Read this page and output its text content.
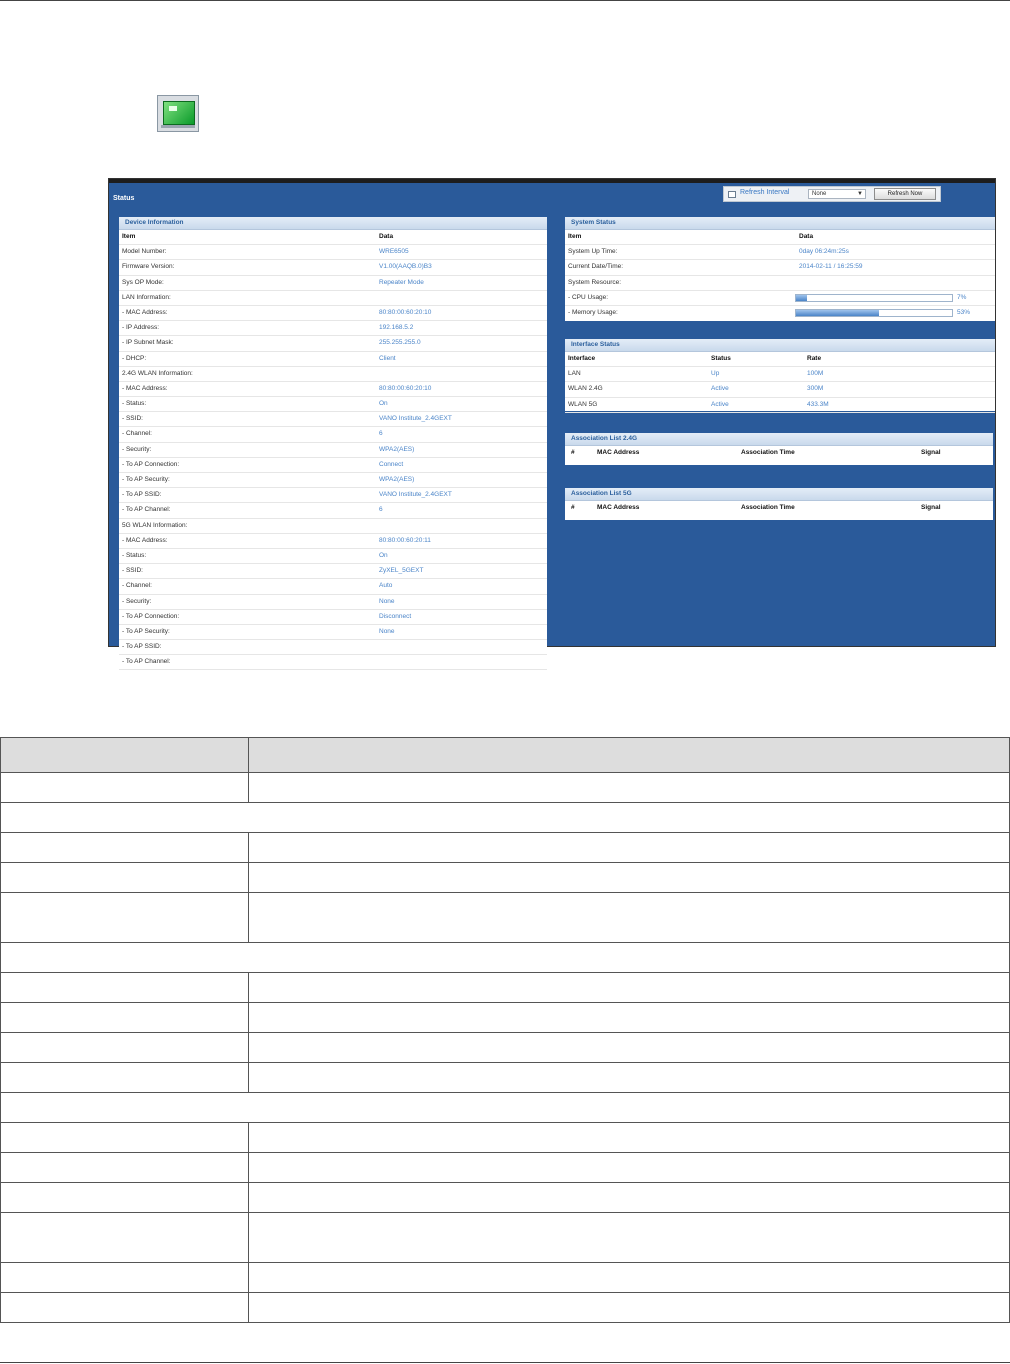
Status
Refresh Interval	None	▼	Refresh Now
Device Information
Item	Data
Model Number:	WRE6505
Firmware Version:	V1.00(AAQB.0)B3
Sys OP Mode:	Repeater Mode
LAN Information:
- MAC Address:	80:80:00:60:20:10
- IP Address:	192.168.5.2
- IP Subnet Mask:	255.255.255.0
- DHCP:	Client
2.4G WLAN Information:
- MAC Address:	80:80:00:60:20:10
- Status:	On
- SSID:	VANO Institute_2.4GEXT
- Channel:	6
- Security:	WPA2(AES)
- To AP Connection:	Connect
- To AP Security:	WPA2(AES)
- To AP SSID:	VANO Institute_2.4GEXT
- To AP Channel:	6
5G WLAN Information:
- MAC Address:	80:80:00:60:20:11
- Status:	On
- SSID:	ZyXEL_5GEXT
- Channel:	Auto
- Security:	None
- To AP Connection:	Disconnect
- To AP Security:	None
- To AP SSID:
- To AP Channel:
System Status
Item	Data
System Up Time:	0day 06:24m:25s
Current Date/Time:	2014-02-11 / 16:25:59
System Resource:
- CPU Usage:	7%
- Memory Usage:	53%
Interface Status
Interface	Status	Rate
LAN	Up	100M
WLAN 2.4G	Active	300M
WLAN 5G	Active	433.3M
Association List 2.4G
#	MAC Address	Association Time	Signal
Association List 5G
#	MAC Address	Association Time	Signal
